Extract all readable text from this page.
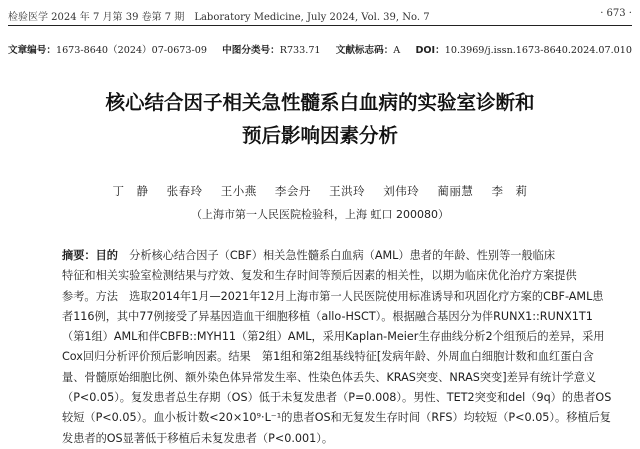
检验医学 2024 年 7 月第 39 卷第 7 期　Laboratory Medicine, July 2024, Vol. 39, No. 7	· 673 ·
文章编号：1673-8640（2024）07-0673-09 中图分类号：R733.71 文献标志码：A DOI：10.3969/j.issn.1673-8640.2024.07.010
核心结合因子相关急性髓系白血病的实验室诊断和
预后影响因素分析
丁　静 张春玲 王小燕 李会丹 王洪玲 刘伟玲 蔺丽慧 李　莉
（上海市第一人民医院检验科，上海 虹口 200080）

摘要：目的　 分析核心结合因子（CBF）相关急性髓系白血病（AML）患者的年龄、性别等一般临床

特征和相关实验室检测结果与疗效、复发和生存时间等预后因素的相关性，以期为临床优化治疗方案提供

参考。方法　选取2014年1月—2021年12月上海市第一人民医院使用标准诱导和巩固化疗方案的CBF-AML患

者116例，其中77例接受了异基因造血干细胞移植（allo-HSCT）。根据融合基因分为伴RUNX1::RUNX1T1

（第1组）AML和伴CBFB::MYH11（第2组）AML，采用Kaplan-Meier生存曲线分析2个组预后的差异，采用

Cox回归分析评价预后影响因素。结果　第1组和第2组基线特征[发病年龄、外周血白细胞计数和血红蛋白含

量、骨髓原始细胞比例、额外染色体异常发生率、性染色体丢失、KRAS突变、NRAS突变]差异有统计学意义

（P<0.05）。复发患者总生存期（OS）低于未复发患者（P=0.008）。男性、TET2突变和del（9q）的患者OS

较短（P<0.05）。血小板计数<20×10⁹·L⁻¹的患者OS和无复发生存时间（RFS）均较短（P<0.05）。移植后复

发患者的OS显著低于移植后未复发患者（P<0.001）。
